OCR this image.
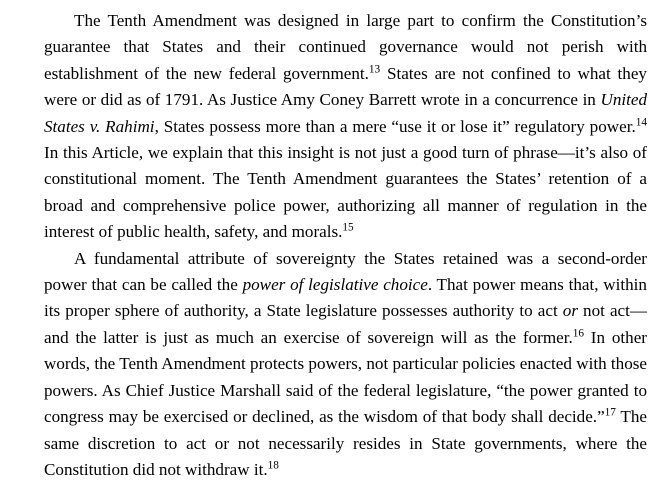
The Tenth Amendment was designed in large part to confirm the Constitution’s guarantee that States and their continued governance would not perish with establishment of the new federal government.$^{13}$ States are not confined to what they were or did as of 1791. As Justice Amy Coney Barrett wrote in a concurrence in United States v. Rahimi, States possess more than a mere “use it or lose it” regulatory power.$^{14}$ In this Article, we explain that this insight is not just a good turn of phrase—it’s also of constitutional moment. The Tenth Amendment guarantees the States’ retention of a broad and comprehensive police power, authorizing all manner of regulation in the interest of public health, safety, and morals.$^{15}$

A fundamental attribute of sovereignty the States retained was a second-order power that can be called the power of legislative choice. That power means that, within its proper sphere of authority, a State legislature possesses authority to act or not act—and the latter is just as much an exercise of sovereign will as the former.$^{16}$ In other words, the Tenth Amendment protects powers, not particular policies enacted with those powers. As Chief Justice Marshall said of the federal legislature, “the power granted to congress may be exercised or declined, as the wisdom of that body shall decide.”$^{17}$ The same discretion to act or not necessarily resides in State governments, where the Constitution did not withdraw it.$^{18}$
